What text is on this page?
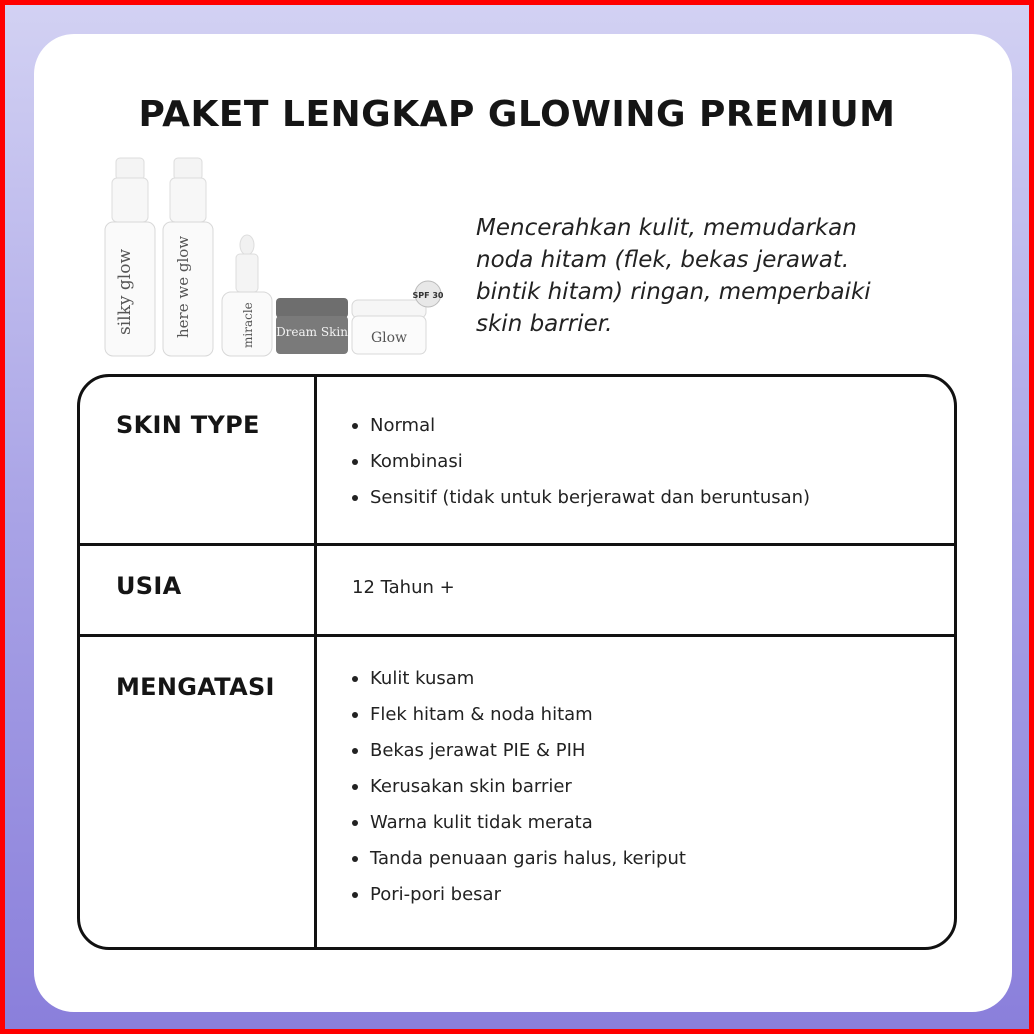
PAKET LENGKAP GLOWING PREMIUM
silky glow	here we glow	miracle Dream Skin Glow
SPF 30
Mencerahkan kulit, memudarkan
noda hitam (flek, bekas jerawat.
bintik hitam) ringan, memperbaiki
skin barrier.
SKIN TYPE	Normal
Kombinasi
Sensitif (tidak untuk berjerawat dan beruntusan)
USIA	12 Tahun +
MENGATASI	Kulit kusam
Flek hitam & noda hitam
Bekas jerawat PIE & PIH
Kerusakan skin barrier
Warna kulit tidak merata
Tanda penuaan garis halus, keriput
Pori-pori besar
